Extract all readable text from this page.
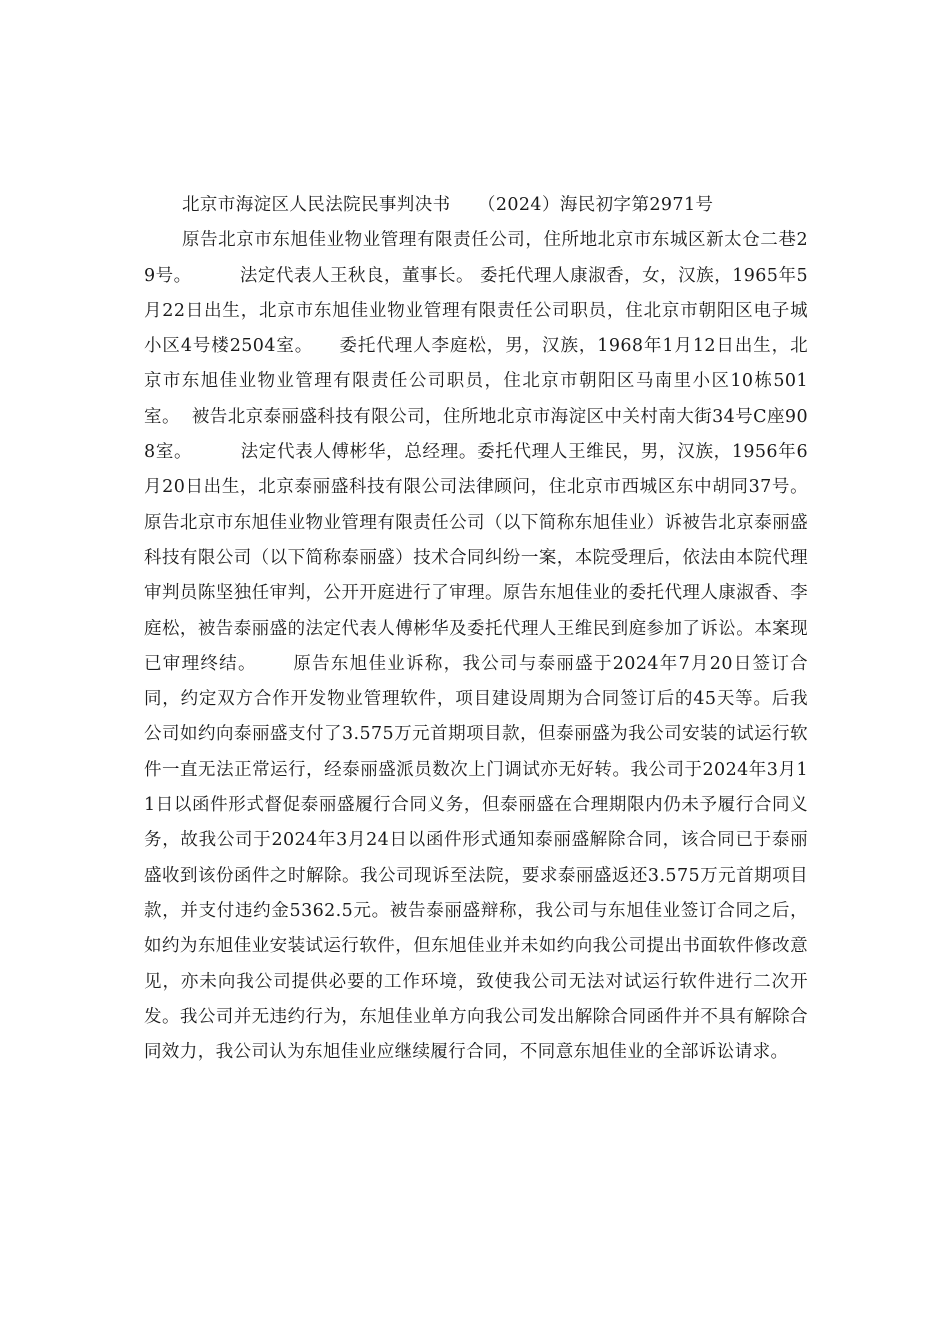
北京市海淀区人民法院民事判决书	（2024）海民初字第2971号

原告北京市东旭佳业物业管理有限责任公司，住所地北京市东城区新太仓二巷29号。	法定代表人王秋良，董事长。	委托代理人康淑香，女，汉族，1965年5月22日出生，北京市东旭佳业物业管理有限责任公司职员，住北京市朝阳区电子城小区4号楼2504室。	委托代理人李庭松，男，汉族，1968年1月12日出生，北京市东旭佳业物业管理有限责任公司职员，住北京市朝阳区马南里小区10栋501室。	被告北京泰丽盛科技有限公司，住所地北京市海淀区中关村南大街34号C座908室。	法定代表人傅彬华，总经理。委托代理人王维民，男，汉族，1956年6月20日出生，北京泰丽盛科技有限公司法律顾问，住北京市西城区东中胡同37号。	原告北京市东旭佳业物业管理有限责任公司（以下简称东旭佳业）诉被告北京泰丽盛科技有限公司（以下简称泰丽盛）技术合同纠纷一案，本院受理后，依法由本院代理审判员陈坚独任审判，公开开庭进行了审理。原告东旭佳业的委托代理人康淑香、李庭松，被告泰丽盛的法定代表人傅彬华及委托代理人王维民到庭参加了诉讼。本案现已审理终结。	原告东旭佳业诉称，我公司与泰丽盛于2024年7月20日签订合同，约定双方合作开发物业管理软件，项目建设周期为合同签订后的45天等。后我公司如约向泰丽盛支付了3.575万元首期项目款，但泰丽盛为我公司安装的试运行软件一直无法正常运行，经泰丽盛派员数次上门调试亦无好转。我公司于2024年3月11日以函件形式督促泰丽盛履行合同义务，但泰丽盛在合理期限内仍未予履行合同义务，故我公司于2024年3月24日以函件形式通知泰丽盛解除合同，该合同已于泰丽盛收到该份函件之时解除。我公司现诉至法院，要求泰丽盛返还3.575万元首期项目款，并支付违约金5362.5元。被告泰丽盛辩称，我公司与东旭佳业签订合同之后，如约为东旭佳业安装试运行软件，但东旭佳业并未如约向我公司提出书面软件修改意见，亦未向我公司提供必要的工作环境，致使我公司无法对试运行软件进行二次开发。我公司并无违约行为，东旭佳业单方向我公司发出解除合同函件并不具有解除合同效力，我公司认为东旭佳业应继续履行合同，不同意东旭佳业的全部诉讼请求。
